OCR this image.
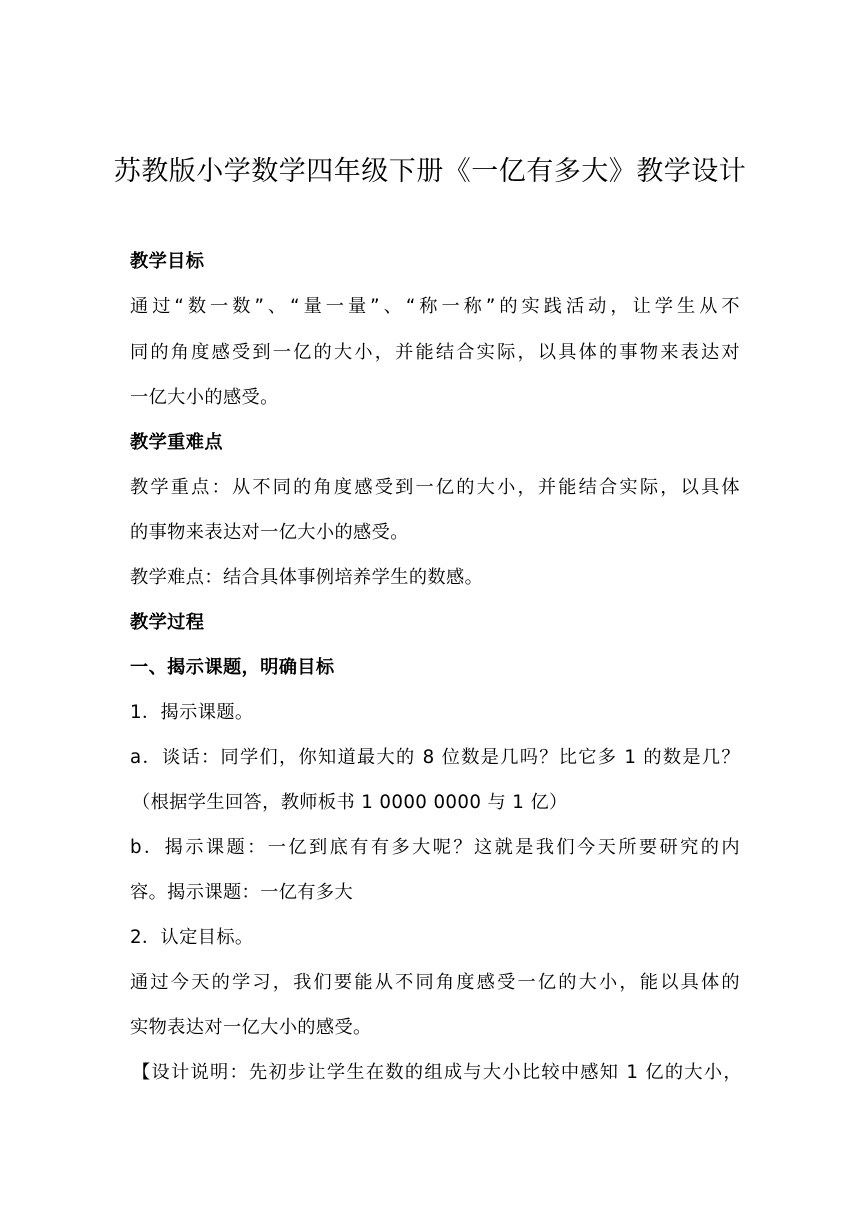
苏教版小学数学四年级下册《一亿有多大》教学设计
教学目标
通过“数一数”、“量一量”、“称一称”的实践活动，让学生从不
同的角度感受到一亿的大小，并能结合实际，以具体的事物来表达对
一亿大小的感受。
教学重难点
教学重点：从不同的角度感受到一亿的大小，并能结合实际，以具体
的事物来表达对一亿大小的感受。
教学难点：结合具体事例培养学生的数感。
教学过程
一、揭示课题，明确目标
1．揭示课题。
a．谈话：同学们，你知道最大的 8 位数是几吗？比它多 1 的数是几？
（根据学生回答，教师板书 1 0000 0000 与 1 亿）
b．揭示课题：一亿到底有有多大呢？这就是我们今天所要研究的内
容。揭示课题：一亿有多大
2．认定目标。
通过今天的学习，我们要能从不同角度感受一亿的大小，能以具体的
实物表达对一亿大小的感受。
【设计说明：先初步让学生在数的组成与大小比较中感知 1 亿的大小，
